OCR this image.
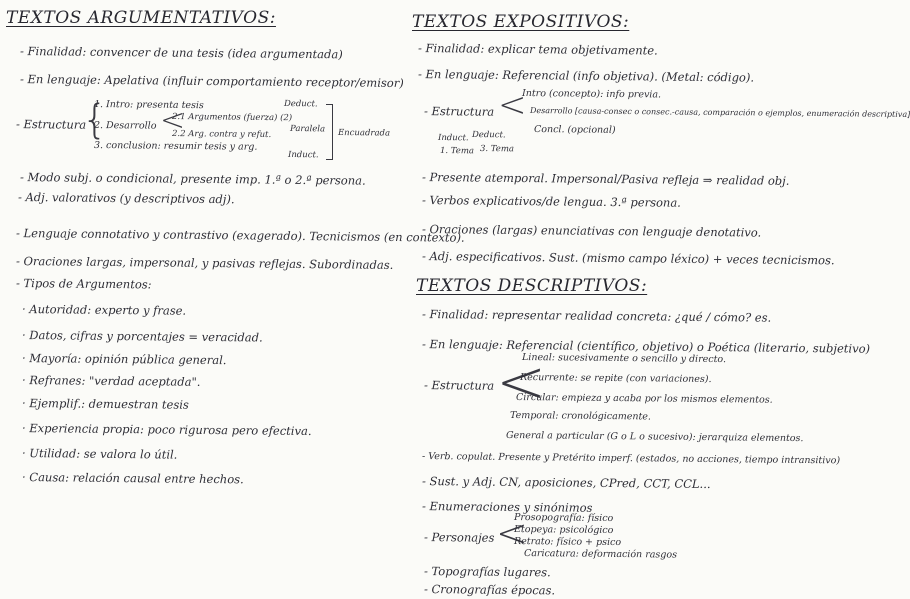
TEXTOS ARGUMENTATIVOS:
- Finalidad: convencer de una tesis (idea argumentada)
- En lenguaje: Apelativa (influir comportamiento receptor/emisor)
- Estructura
{
1. Intro: presenta tesis
2. Desarrollo <
2.1 Argumentos (fuerza) (2)
2.2 Arg. contra y refut.
3. conclusion: resumir tesis y arg.
Deduct.
Paralela
Induct.
Encuadrada
- Modo subj. o condicional, presente imp. 1.ª o 2.ª persona.
- Adj. valorativos (y descriptivos adj).
- Lenguaje connotativo y contrastivo (exagerado). Tecnicismos (en contexto).
- Oraciones largas, impersonal, y pasivas reflejas. Subordinadas.
- Tipos de Argumentos:
· Autoridad: experto y frase.
· Datos, cifras y porcentajes = veracidad.
· Mayoría: opinión pública general.
· Refranes: "verdad aceptada".
· Ejemplif.: demuestran tesis
· Experiencia propia: poco rigurosa pero efectiva.
· Utilidad: se valora lo útil.
· Causa: relación causal entre hechos.
TEXTOS EXPOSITIVOS:
- Finalidad: explicar tema objetivamente.
- En lenguaje: Referencial (info objetiva). (Metal: código).
- Estructura <
Intro (concepto): info previa.
Desarrollo [causa-consec o consec.-causa, comparación o ejemplos, enumeración descriptiva]
Concl. (opcional)
Induct. Deduct.
1. Tema 3. Tema
- Presente atemporal. Impersonal/Pasiva refleja ⇒ realidad obj.
- Verbos explicativos/de lengua. 3.ª persona.
- Oraciones (largas) enunciativas con lenguaje denotativo.
- Adj. especificativos. Sust. (mismo campo léxico) + veces tecnicismos.
TEXTOS DESCRIPTIVOS:
- Finalidad: representar realidad concreta: ¿qué / cómo? es.
- En lenguaje: Referencial (científico, objetivo) o Poética (literario, subjetivo)
- Estructura <
Lineal: sucesivamente o sencillo y directo.
Recurrente: se repite (con variaciones).
Circular: empieza y acaba por los mismos elementos.
Temporal: cronológicamente.
General a particular (G o L o sucesivo): jerarquiza elementos.
- Verb. copulat. Presente y Pretérito imperf. (estados, no acciones, tiempo intransitivo)
- Sust. y Adj. CN, aposiciones, CPred, CCT, CCL...
- Enumeraciones y sinónimos
- Personajes <
Prosopografía: físico
Etopeya: psicológico
Retrato: físico + psico
Caricatura: deformación rasgos
- Topografías lugares.
- Cronografías épocas.
